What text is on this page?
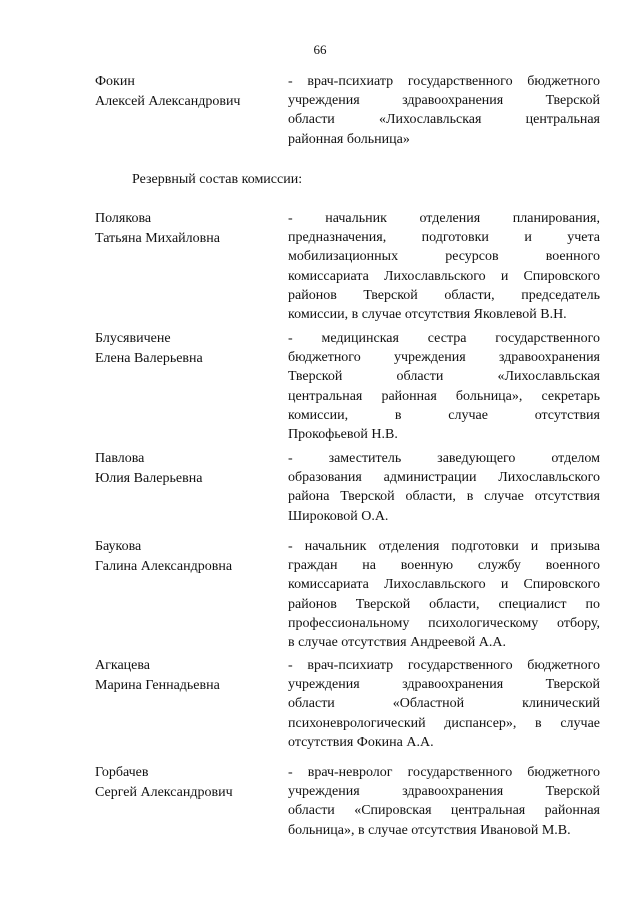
66
Фокин
Алексей Александрович
- врач-психиатр государственного бюджетного
учреждения здравоохранения Тверской
области «Лихославльская центральная
районная больница»
Резервный состав комиссии:
Полякова
Татьяна Михайловна
- начальник отделения планирования,
предназначения, подготовки и учета
мобилизационных ресурсов военного
комиссариата Лихославльского и Спировского
районов Тверской области, председатель
комиссии, в случае отсутствия Яковлевой В.Н.
Блусявичене
Елена Валерьевна
- медицинская сестра государственного
бюджетного учреждения здравоохранения
Тверской области «Лихославльская
центральная районная больница», секретарь
комиссии, в случае отсутствия
Прокофьевой Н.В.
Павлова
Юлия Валерьевна
- заместитель заведующего отделом
образования администрации Лихославльского
района Тверской области, в случае отсутствия
Широковой О.А.
Баукова
Галина Александровна
- начальник отделения подготовки и призыва
граждан на военную службу военного
комиссариата Лихославльского и Спировского
районов Тверской области, специалист по
профессиональному психологическому отбору,
в случае отсутствия Андреевой А.А.
Агкацева
Марина Геннадьевна
- врач-психиатр государственного бюджетного
учреждения здравоохранения Тверской
области «Областной клинический
психоневрологический диспансер», в случае
отсутствия Фокина А.А.
Горбачев
Сергей Александрович
- врач-невролог государственного бюджетного
учреждения здравоохранения Тверской
области «Спировская центральная районная
больница», в случае отсутствия Ивановой М.В.
